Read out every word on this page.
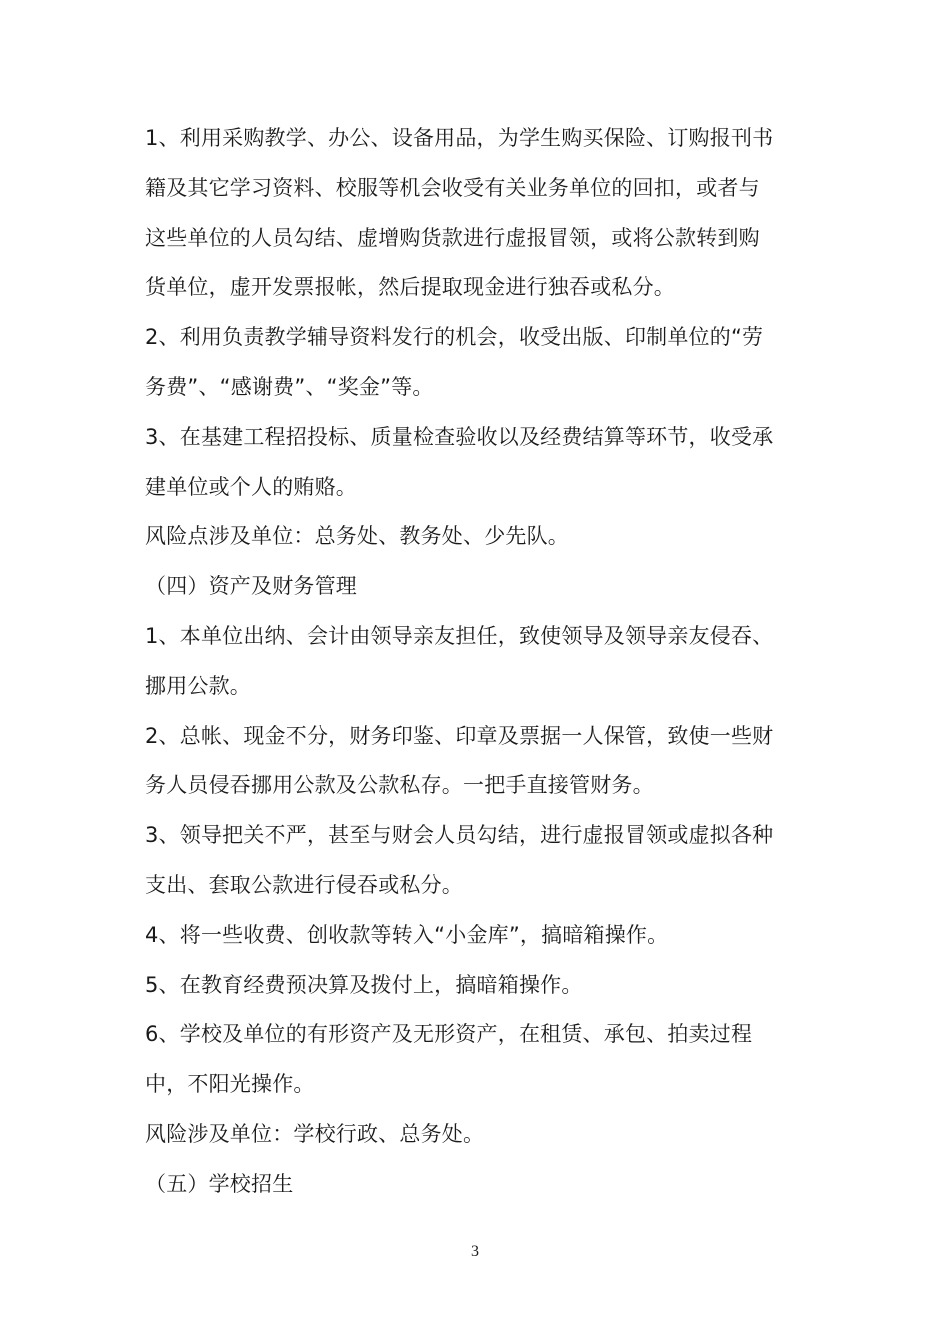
1、利用采购教学、办公、设备用品，为学生购买保险、订购报刊书
籍及其它学习资料、校服等机会收受有关业务单位的回扣，或者与
这些单位的人员勾结、虚增购货款进行虚报冒领，或将公款转到购
货单位，虚开发票报帐，然后提取现金进行独吞或私分。
2、利用负责教学辅导资料发行的机会，收受出版、印制单位的“劳
务费”、“感谢费”、“奖金”等。
3、在基建工程招投标、质量检查验收以及经费结算等环节，收受承
建单位或个人的贿赂。
风险点涉及单位：总务处、教务处、少先队。
（四）资产及财务管理
1、本单位出纳、会计由领导亲友担任，致使领导及领导亲友侵吞、
挪用公款。
2、总帐、现金不分，财务印鉴、印章及票据一人保管，致使一些财
务人员侵吞挪用公款及公款私存。一把手直接管财务。
3、领导把关不严，甚至与财会人员勾结，进行虚报冒领或虚拟各种
支出、套取公款进行侵吞或私分。
4、将一些收费、创收款等转入“小金库”，搞暗箱操作。
5、在教育经费预决算及拨付上，搞暗箱操作。
6、学校及单位的有形资产及无形资产，在租赁、承包、拍卖过程
中，不阳光操作。
风险涉及单位：学校行政、总务处。
（五）学校招生
3
